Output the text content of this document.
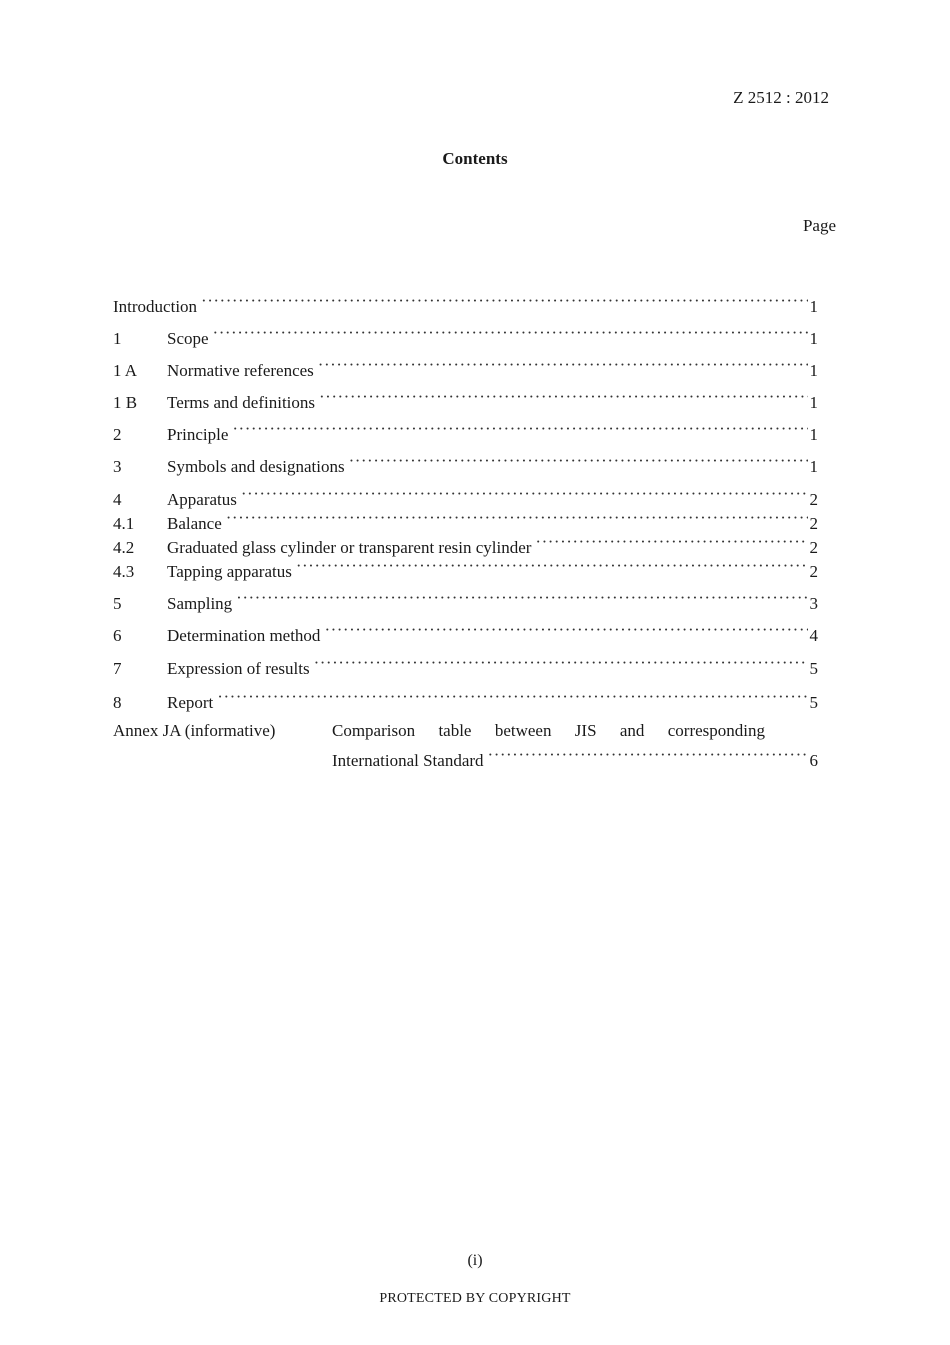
Z 2512 : 2012
Contents
Page
Introduction ·····	1
1	Scope ·····	1
1 A	Normative references ·····	1
1 B	Terms and definitions ·····	1
2	Principle ·····	1
3	Symbols and designations ·····	1
4	Apparatus ·····	2
4.1	Balance ·····	2
4.2	Graduated glass cylinder or transparent resin cylinder ·····	2
4.3	Tapping apparatus ·····	2
5	Sampling ·····	3
6	Determination method ·····	4
7	Expression of results ·····	5
8	Report ·····	5
Annex JA (informative)	Comparison table between JIS and corresponding
International Standard ·····	6
(i)
PROTECTED BY COPYRIGHT
